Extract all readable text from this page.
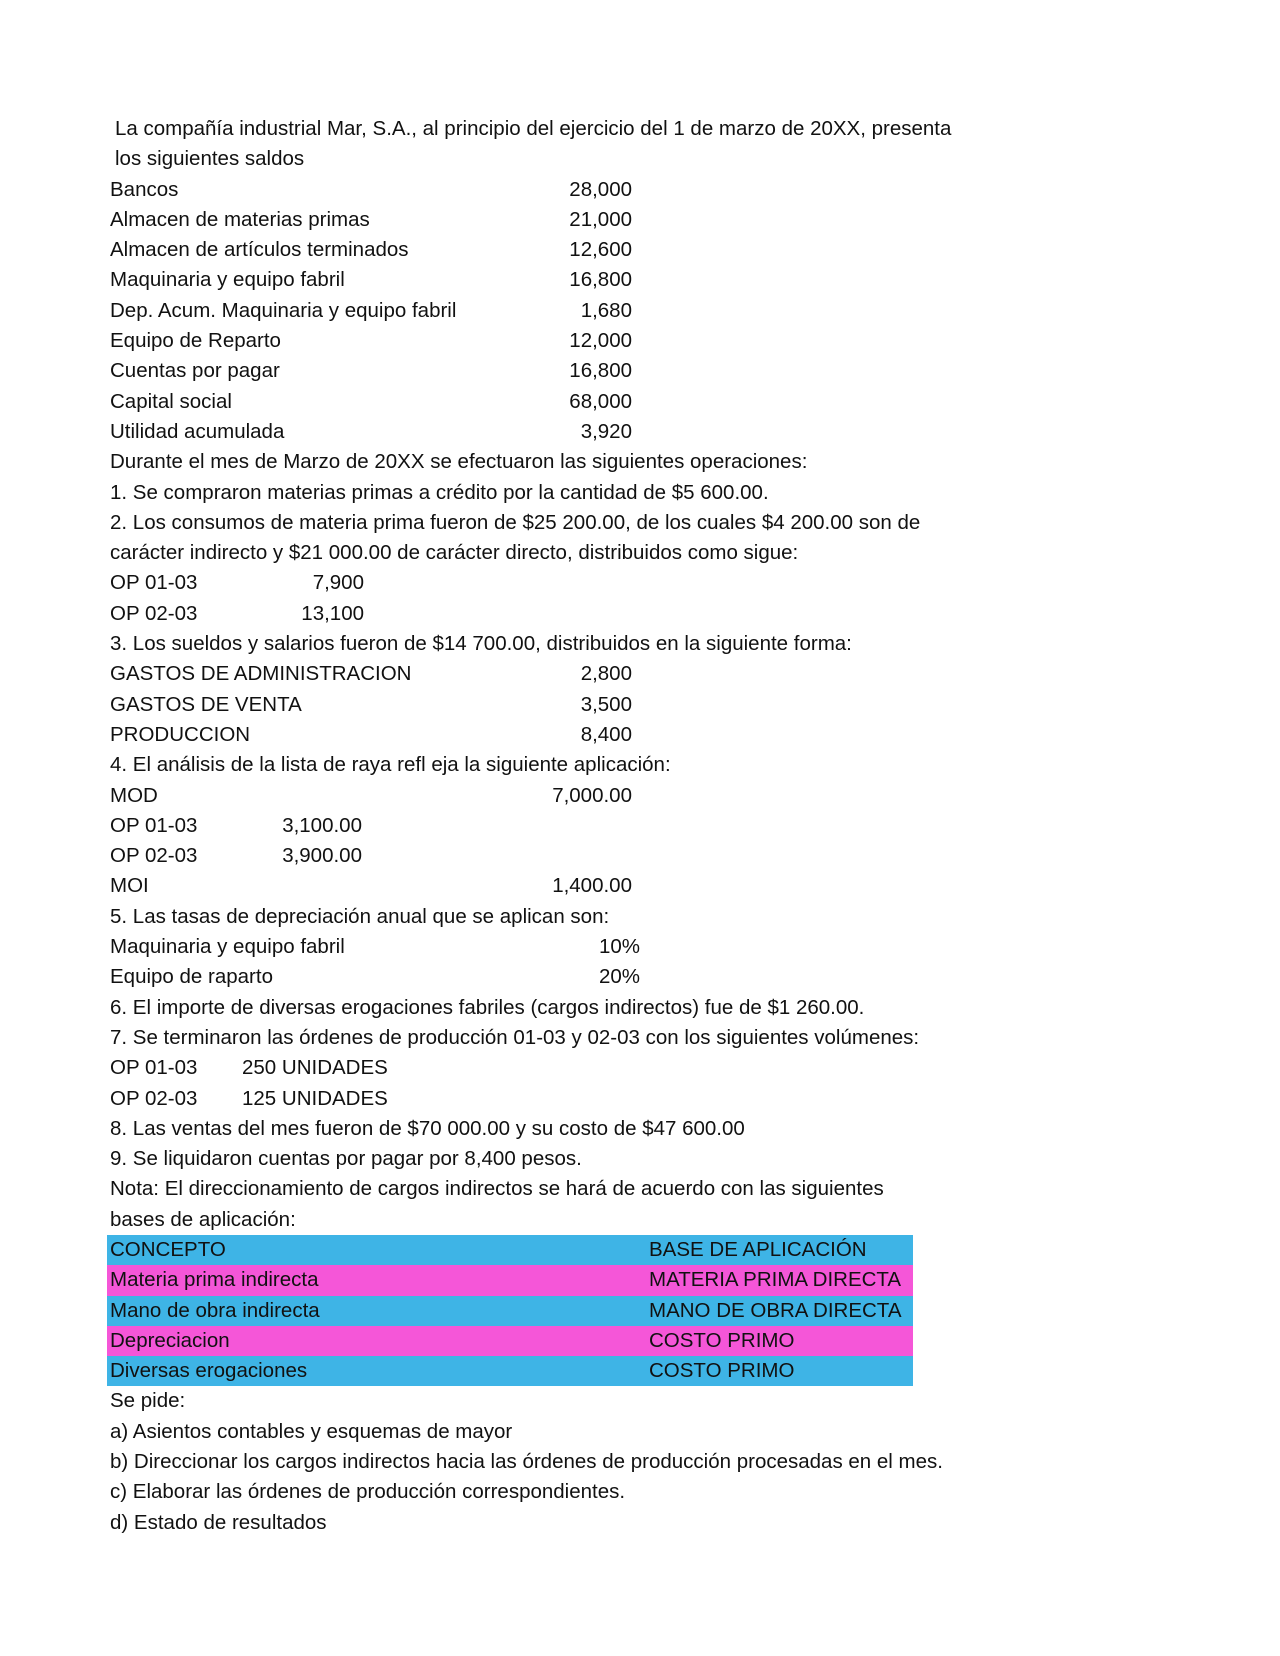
La compañía industrial Mar, S.A., al principio del ejercicio del 1 de marzo de 20XX, presenta los siguientes saldos
Bancos	28,000
Almacen de materias primas	21,000
Almacen de artículos terminados	12,600
Maquinaria y equipo fabril	16,800
Dep. Acum. Maquinaria y equipo fabril	1,680
Equipo de Reparto	12,000
Cuentas por pagar	16,800
Capital social	68,000
Utilidad acumulada	3,920
Durante el mes de Marzo de 20XX se efectuaron las siguientes operaciones:
1. Se compraron materias primas a crédito por la cantidad de $5 600.00.
2. Los consumos de materia prima fueron de $25 200.00, de los cuales $4 200.00 son de carácter indirecto y $21 000.00 de carácter directo, distribuidos como sigue:
OP 01-03	7,900
OP 02-03	13,100
3. Los sueldos y salarios fueron de $14 700.00, distribuidos en la siguiente forma:
GASTOS DE ADMINISTRACION	2,800
GASTOS DE VENTA	3,500
PRODUCCION	8,400
4. El análisis de la lista de raya refl eja la siguiente aplicación:
MOD	7,000.00
OP 01-03	3,100.00
OP 02-03	3,900.00
MOI	1,400.00
5. Las tasas de depreciación anual que se aplican son:
Maquinaria y equipo fabril	10%
Equipo de raparto	20%
6. El importe de diversas erogaciones fabriles (cargos indirectos) fue de $1 260.00.
7. Se terminaron las órdenes de producción 01-03 y 02-03 con los siguientes volúmenes:
OP 01-03 250 UNIDADES
OP 02-03 125 UNIDADES
8. Las ventas del mes fueron de $70 000.00 y su costo de $47 600.00
9. Se liquidaron cuentas por pagar por 8,400 pesos.
Nota: El direccionamiento de cargos indirectos se hará de acuerdo con las siguientes bases de aplicación:
CONCEPTO	BASE DE APLICACIÓN
Materia prima indirecta	MATERIA PRIMA DIRECTA
Mano de obra indirecta	MANO DE OBRA DIRECTA
Depreciacion	COSTO PRIMO
Diversas erogaciones	COSTO PRIMO
Se pide:
a) Asientos contables y esquemas de mayor
b) Direccionar los cargos indirectos hacia las órdenes de producción procesadas en el mes.
c) Elaborar las órdenes de producción correspondientes.
d) Estado de resultados
